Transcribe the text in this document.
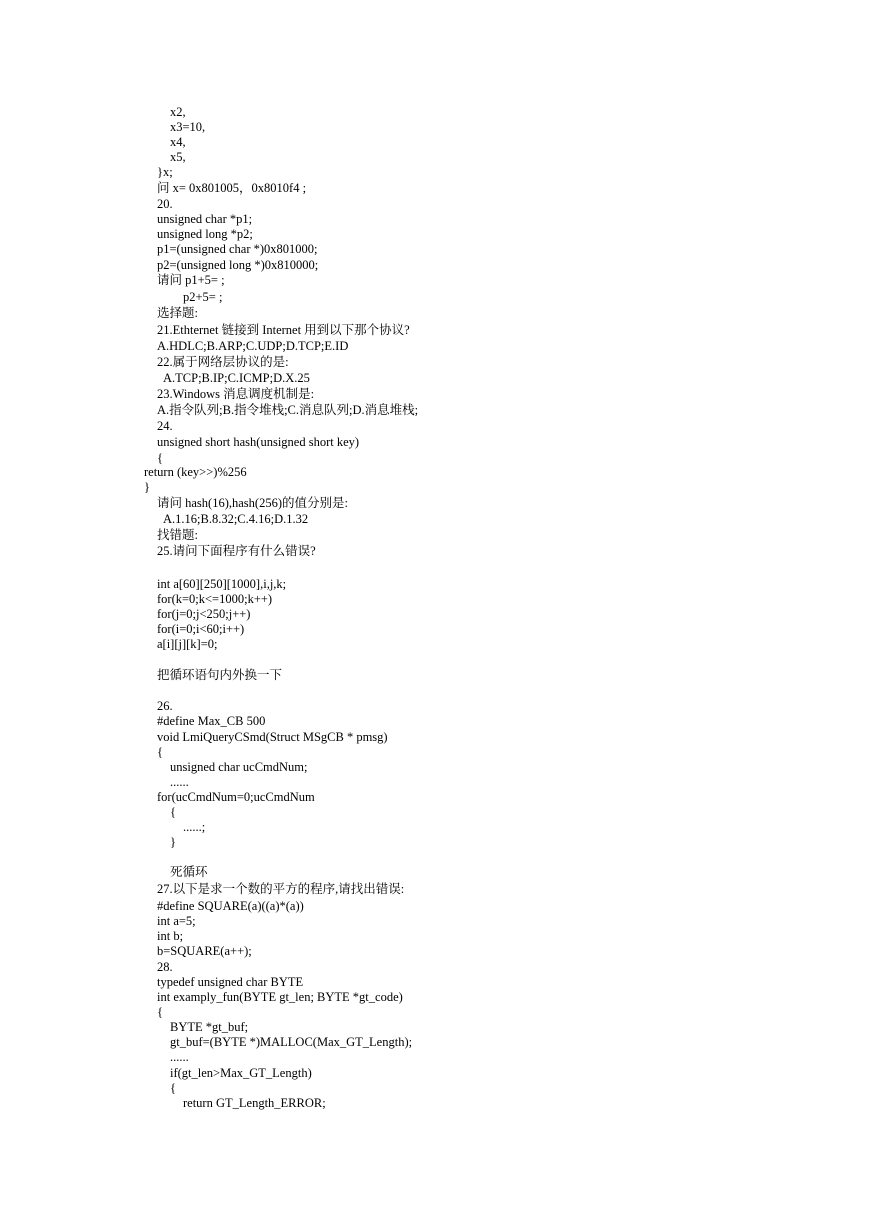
x2,
x3=10,
x4,
x5,
}x;
问 x= 0x801005，0x8010f4 ;
20.
unsigned char *p1;
unsigned long *p2;
p1=(unsigned char *)0x801000;
p2=(unsigned long *)0x810000;
请问 p1+5= ;
p2+5= ;
选择题:
21.Ethternet 链接到 Internet 用到以下那个协议?
A.HDLC;B.ARP;C.UDP;D.TCP;E.ID
22.属于网络层协议的是:
A.TCP;B.IP;C.ICMP;D.X.25
23.Windows 消息调度机制是:
A.指令队列;B.指令堆栈;C.消息队列;D.消息堆栈;
24.
unsigned short hash(unsigned short key)
{
return (key>>)%256
}
请问 hash(16),hash(256)的值分别是:
A.1.16;B.8.32;C.4.16;D.1.32
找错题:
25.请问下面程序有什么错误?
int a[60][250][1000],i,j,k;
for(k=0;k<=1000;k++)
for(j=0;j<250;j++)
for(i=0;i<60;i++)
a[i][j][k]=0;
把循环语句内外换一下
26.
#define Max_CB 500
void LmiQueryCSmd(Struct MSgCB * pmsg)
{
unsigned char ucCmdNum;
......
for(ucCmdNum=0;ucCmdNum
{
......;
}
死循环
27.以下是求一个数的平方的程序,请找出错误:
#define SQUARE(a)((a)*(a))
int a=5;
int b;
b=SQUARE(a++);
28.
typedef unsigned char BYTE
int examply_fun(BYTE gt_len; BYTE *gt_code)
{
BYTE *gt_buf;
gt_buf=(BYTE *)MALLOC(Max_GT_Length);
......
if(gt_len>Max_GT_Length)
{
return GT_Length_ERROR;
